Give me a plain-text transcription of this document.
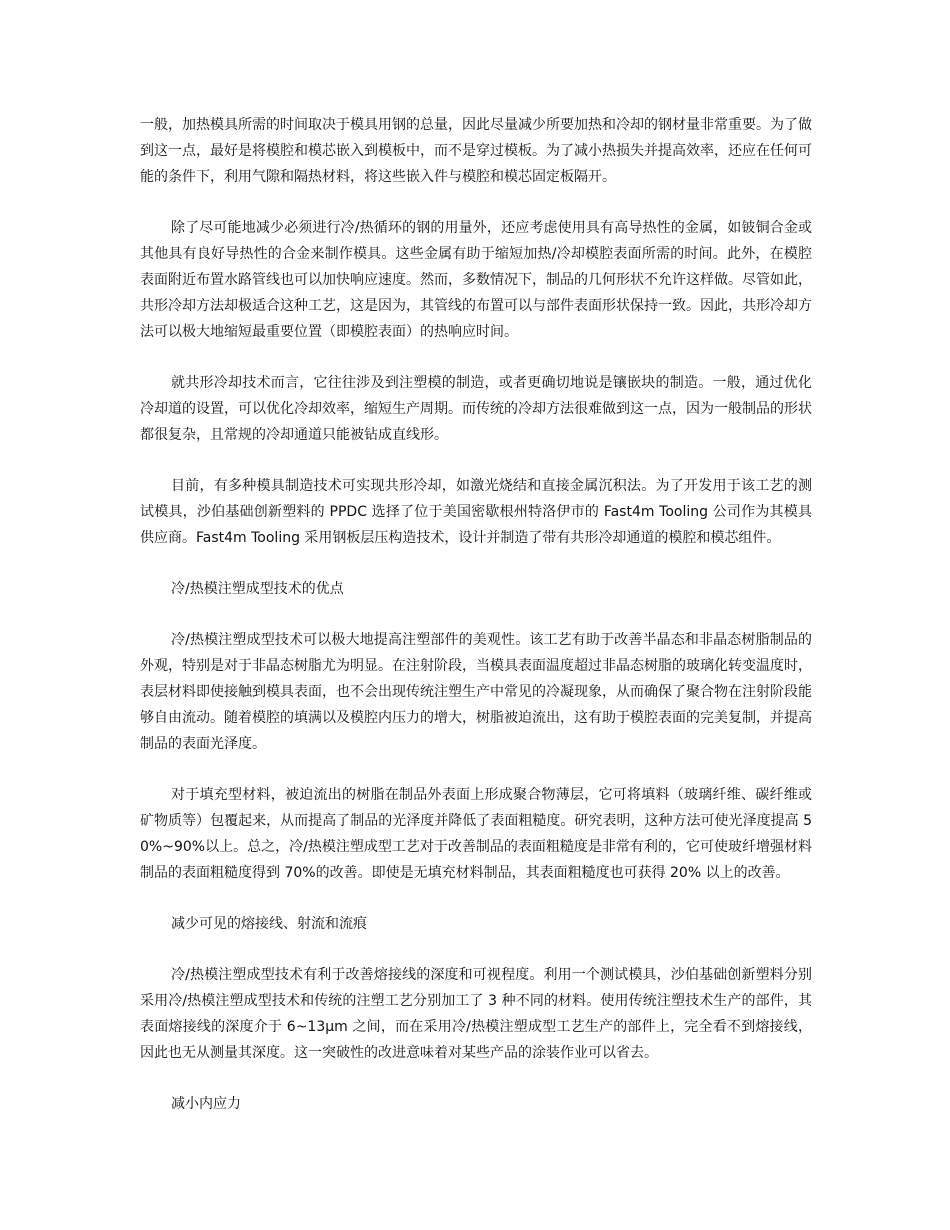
一般，加热模具所需的时间取决于模具用钢的总量，因此尽量减少所要加热和冷却的钢材量非常重要。为了做到这一点，最好是将模腔和模芯嵌入到模板中，而不是穿过模板。为了减小热损失并提高效率，还应在任何可能的条件下，利用气隙和隔热材料，将这些嵌入件与模腔和模芯固定板隔开。

除了尽可能地减少必须进行冷/热循环的钢的用量外，还应考虑使用具有高导热性的金属，如铍铜合金或其他具有良好导热性的合金来制作模具。这些金属有助于缩短加热/冷却模腔表面所需的时间。此外，在模腔表面附近布置水路管线也可以加快响应速度。然而，多数情况下，制品的几何形状不允许这样做。尽管如此，共形冷却方法却极适合这种工艺，这是因为，其管线的布置可以与部件表面形状保持一致。因此，共形冷却方法可以极大地缩短最重要位置（即模腔表面）的热响应时间。

就共形冷却技术而言，它往往涉及到注塑模的制造，或者更确切地说是镶嵌块的制造。一般，通过优化冷却道的设置，可以优化冷却效率，缩短生产周期。而传统的冷却方法很难做到这一点，因为一般制品的形状都很复杂，且常规的冷却通道只能被钻成直线形。

目前，有多种模具制造技术可实现共形冷却，如激光烧结和直接金属沉积法。为了开发用于该工艺的测试模具，沙伯基础创新塑料的 PPDC 选择了位于美国密歇根州特洛伊市的 Fast4m Tooling 公司作为其模具供应商。Fast4m Tooling 采用钢板层压构造技术，设计并制造了带有共形冷却通道的模腔和模芯组件。

冷/热模注塑成型技术的优点

冷/热模注塑成型技术可以极大地提高注塑部件的美观性。该工艺有助于改善半晶态和非晶态树脂制品的外观，特别是对于非晶态树脂尤为明显。在注射阶段，当模具表面温度超过非晶态树脂的玻璃化转变温度时，表层材料即使接触到模具表面，也不会出现传统注塑生产中常见的冷凝现象，从而确保了聚合物在注射阶段能够自由流动。随着模腔的填满以及模腔内压力的增大，树脂被迫流出，这有助于模腔表面的完美复制，并提高制品的表面光泽度。

对于填充型材料，被迫流出的树脂在制品外表面上形成聚合物薄层，它可将填料（玻璃纤维、碳纤维或矿物质等）包覆起来，从而提高了制品的光泽度并降低了表面粗糙度。研究表明，这种方法可使光泽度提高 50%~90%以上。总之，冷/热模注塑成型工艺对于改善制品的表面粗糙度是非常有利的，它可使玻纤增强材料制品的表面粗糙度得到 70%的改善。即使是无填充材料制品，其表面粗糙度也可获得 20% 以上的改善。

减少可见的熔接线、射流和流痕

冷/热模注塑成型技术有利于改善熔接线的深度和可视程度。利用一个测试模具，沙伯基础创新塑料分别采用冷/热模注塑成型技术和传统的注塑工艺分别加工了 3 种不同的材料。使用传统注塑技术生产的部件，其表面熔接线的深度介于 6~13μm 之间，而在采用冷/热模注塑成型工艺生产的部件上，完全看不到熔接线，因此也无从测量其深度。这一突破性的改进意味着对某些产品的涂装作业可以省去。

减小内应力
